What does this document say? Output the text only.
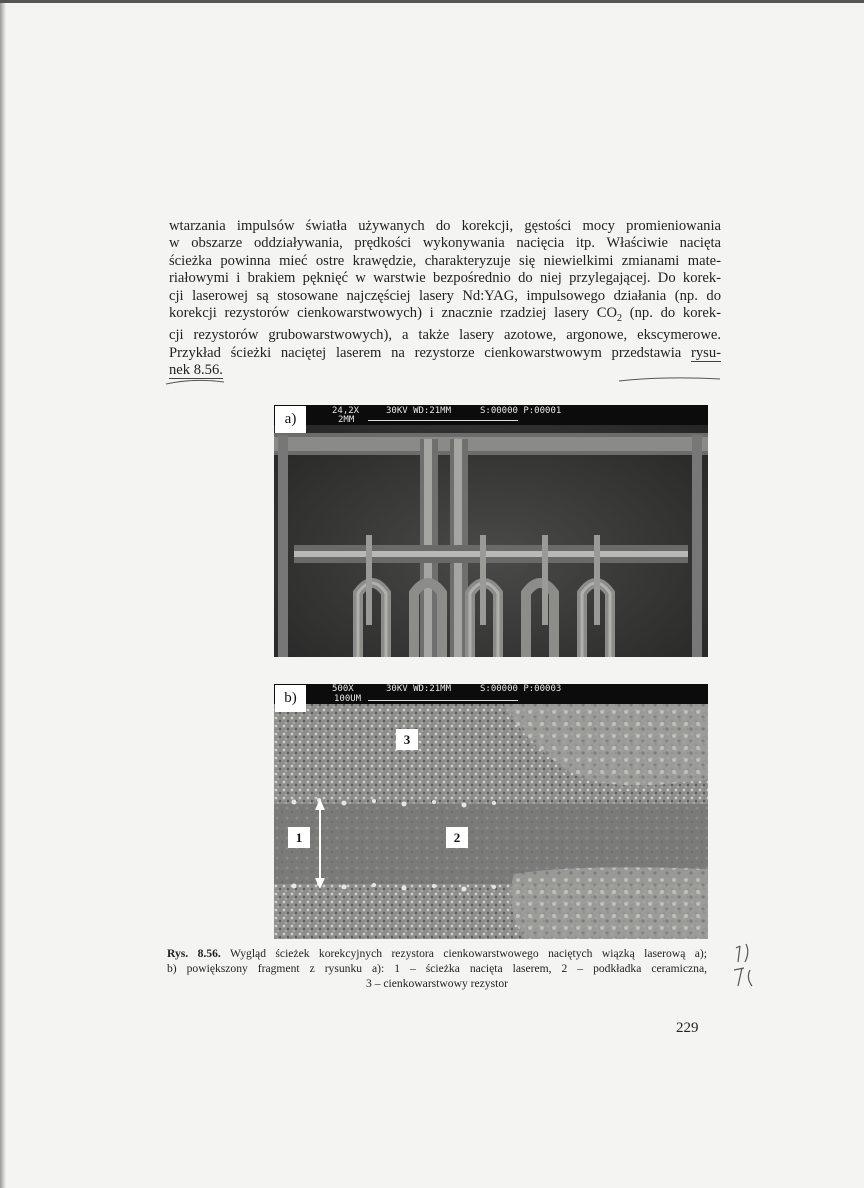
wtarzania impulsów światła używanych do korekcji, gęstości mocy promieniowania
w obszarze oddziaływania, prędkości wykonywania nacięcia itp. Właściwie nacięta
ścieżka powinna mieć ostre krawędzie, charakteryzuje się niewielkimi zmianami mate-
riałowymi i brakiem pęknięć w warstwie bezpośrednio do niej przylegającej. Do korek-
cji laserowej są stosowane najczęściej lasery Nd:YAG, impulsowego działania (np. do
korekcji rezystorów cienkowarstwowych) i znacznie rzadziej lasery $CO_2$ (np. do korek-
cji rezystorów grubowarstwowych), a także lasery azotowe, argonowe, ekscymerowe.
Przykład ścieżki naciętej laserem na rezystorze cienkowarstwowym przedstawia rysu-
nek 8.56.
24,2X
2MM
30KV WD:21MM	S:00000 P:00001
a)
500X
100UM
30KV WD:21MM	S:00000 P:00003
b)
3
1	2
Rys. 8.56. Wygląd ścieżek korekcyjnych rezystora cienkowarstwowego naciętych wiązką laserową a);
b) powiększony fragment z rysunku a): 1 – ścieżka nacięta laserem, 2 – podkładka ceramiczna,
3 – cienkowarstwowy rezystor
229
